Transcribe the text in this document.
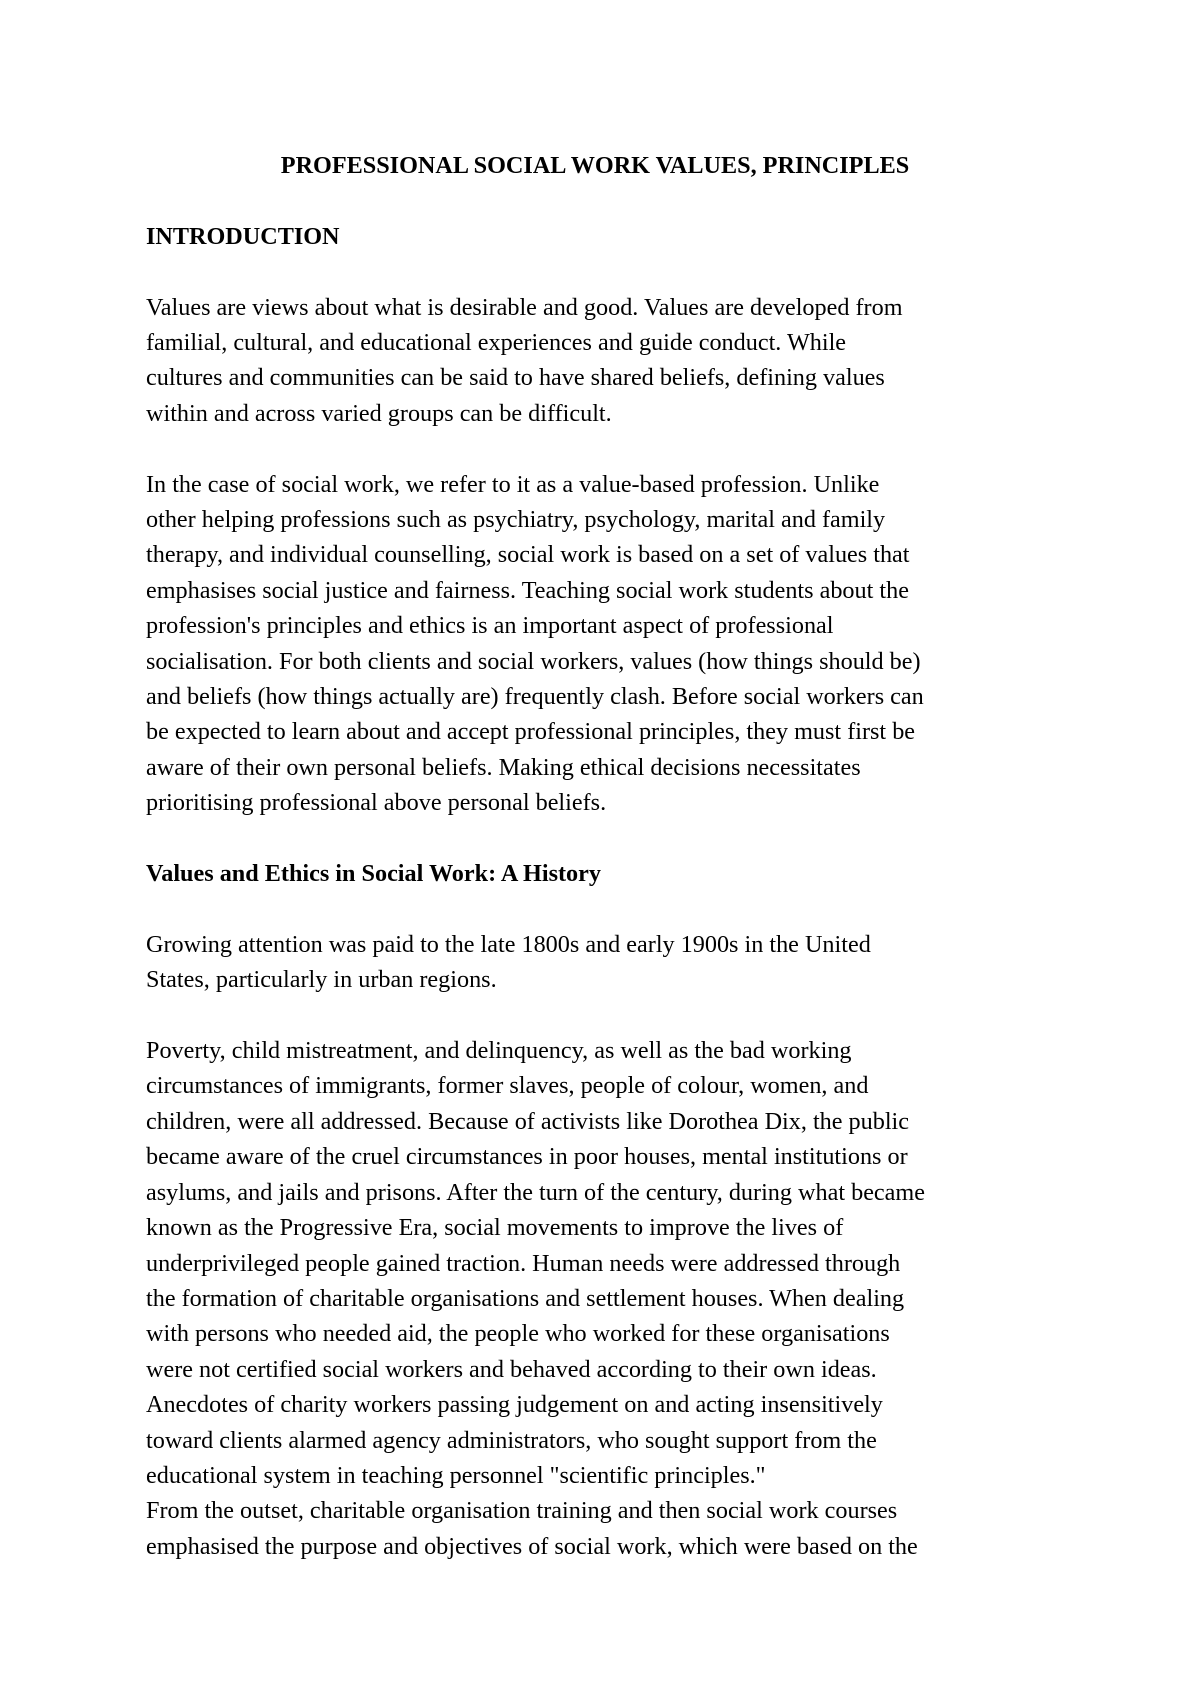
PROFESSIONAL SOCIAL WORK VALUES, PRINCIPLES

INTRODUCTION

Values are views about what is desirable and good. Values are developed from
familial, cultural, and educational experiences and guide conduct. While
cultures and communities can be said to have shared beliefs, defining values
within and across varied groups can be difficult.
In the case of social work, we refer to it as a value-based profession. Unlike
other helping professions such as psychiatry, psychology, marital and family
therapy, and individual counselling, social work is based on a set of values that
emphasises social justice and fairness. Teaching social work students about the
profession's principles and ethics is an important aspect of professional
socialisation. For both clients and social workers, values (how things should be)
and beliefs (how things actually are) frequently clash. Before social workers can
be expected to learn about and accept professional principles, they must first be
aware of their own personal beliefs. Making ethical decisions necessitates
prioritising professional above personal beliefs.

Values and Ethics in Social Work: A History

Growing attention was paid to the late 1800s and early 1900s in the United
States, particularly in urban regions.
Poverty, child mistreatment, and delinquency, as well as the bad working
circumstances of immigrants, former slaves, people of colour, women, and
children, were all addressed. Because of activists like Dorothea Dix, the public
became aware of the cruel circumstances in poor houses, mental institutions or
asylums, and jails and prisons. After the turn of the century, during what became
known as the Progressive Era, social movements to improve the lives of
underprivileged people gained traction. Human needs were addressed through
the formation of charitable organisations and settlement houses. When dealing
with persons who needed aid, the people who worked for these organisations
were not certified social workers and behaved according to their own ideas.
Anecdotes of charity workers passing judgement on and acting insensitively
toward clients alarmed agency administrators, who sought support from the
educational system in teaching personnel "scientific principles."
From the outset, charitable organisation training and then social work courses
emphasised the purpose and objectives of social work, which were based on the
